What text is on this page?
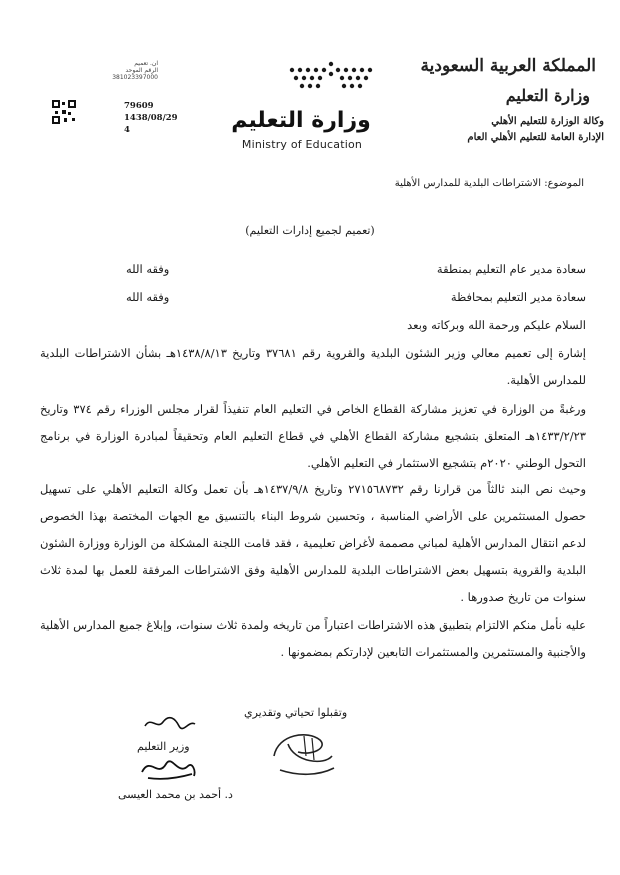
المملكة العربية السعودية
وزارة التعليم
وكالة الوزارة للتعليم الأهلي
الإدارة العامة للتعليم الأهلي العام
وزارة التعليم
Ministry of Education
ان. تعميم
الرقم الموحد
381023397000
79609
1438/08/29
4
الموضوع: الاشتراطات البلدية للمدارس الأهلية
(تعميم لجميع إدارات التعليم)
سعادة مدير عام التعليم بمنطقة
وفقه الله
سعادة مدير التعليم بمحافظة
وفقه الله
السلام عليكم ورحمة الله وبركاته وبعد
إشارة إلى تعميم معالي وزير الشئون البلدية والقروية رقم ٣٧٦٨١ وتاريخ ١٤٣٨/٨/١٣هـ بشأن الاشتراطات البلدية للمدارس الأهلية.
ورغبةً من الوزارة في تعزيز مشاركة القطاع الخاص في التعليم العام تنفيذاً لقرار مجلس الوزراء رقم ٣٧٤ وتاريخ ١٤٣٣/٢/٢٣هـ المتعلق بتشجيع مشاركة القطاع الأهلي في قطاع التعليم العام وتحقيقاً لمبادرة الوزارة في برنامج التحول الوطني ٢٠٢٠م بتشجيع الاستثمار في التعليم الأهلي.
وحيث نص البند ثالثاً من قرارنا رقم ٢٧١٥٦٨٧٣٢ وتاريخ ١٤٣٧/٩/٨هـ بأن تعمل وكالة التعليم الأهلي على تسهيل حصول المستثمرين على الأراضي المناسبة ، وتحسين شروط البناء بالتنسيق مع الجهات المختصة بهذا الخصوص لدعم انتقال المدارس الأهلية لمباني مصممة لأغراض تعليمية ، فقد قامت اللجنة المشكلة من الوزارة ووزارة الشئون البلدية والقروية بتسهيل بعض الاشتراطات البلدية للمدارس الأهلية وفق الاشتراطات المرفقة للعمل بها لمدة ثلاث سنوات من تاريخ صدورها .
عليه نأمل منكم الالتزام بتطبيق هذه الاشتراطات اعتباراً من تاريخه ولمدة ثلاث سنوات، وإبلاغ جميع المدارس الأهلية والأجنبية والمستثمرين والمستثمرات التابعين لإدارتكم بمضمونها .
وتقبلوا تحياتي وتقديري
وزير التعليم
د. أحمد بن محمد العيسى
